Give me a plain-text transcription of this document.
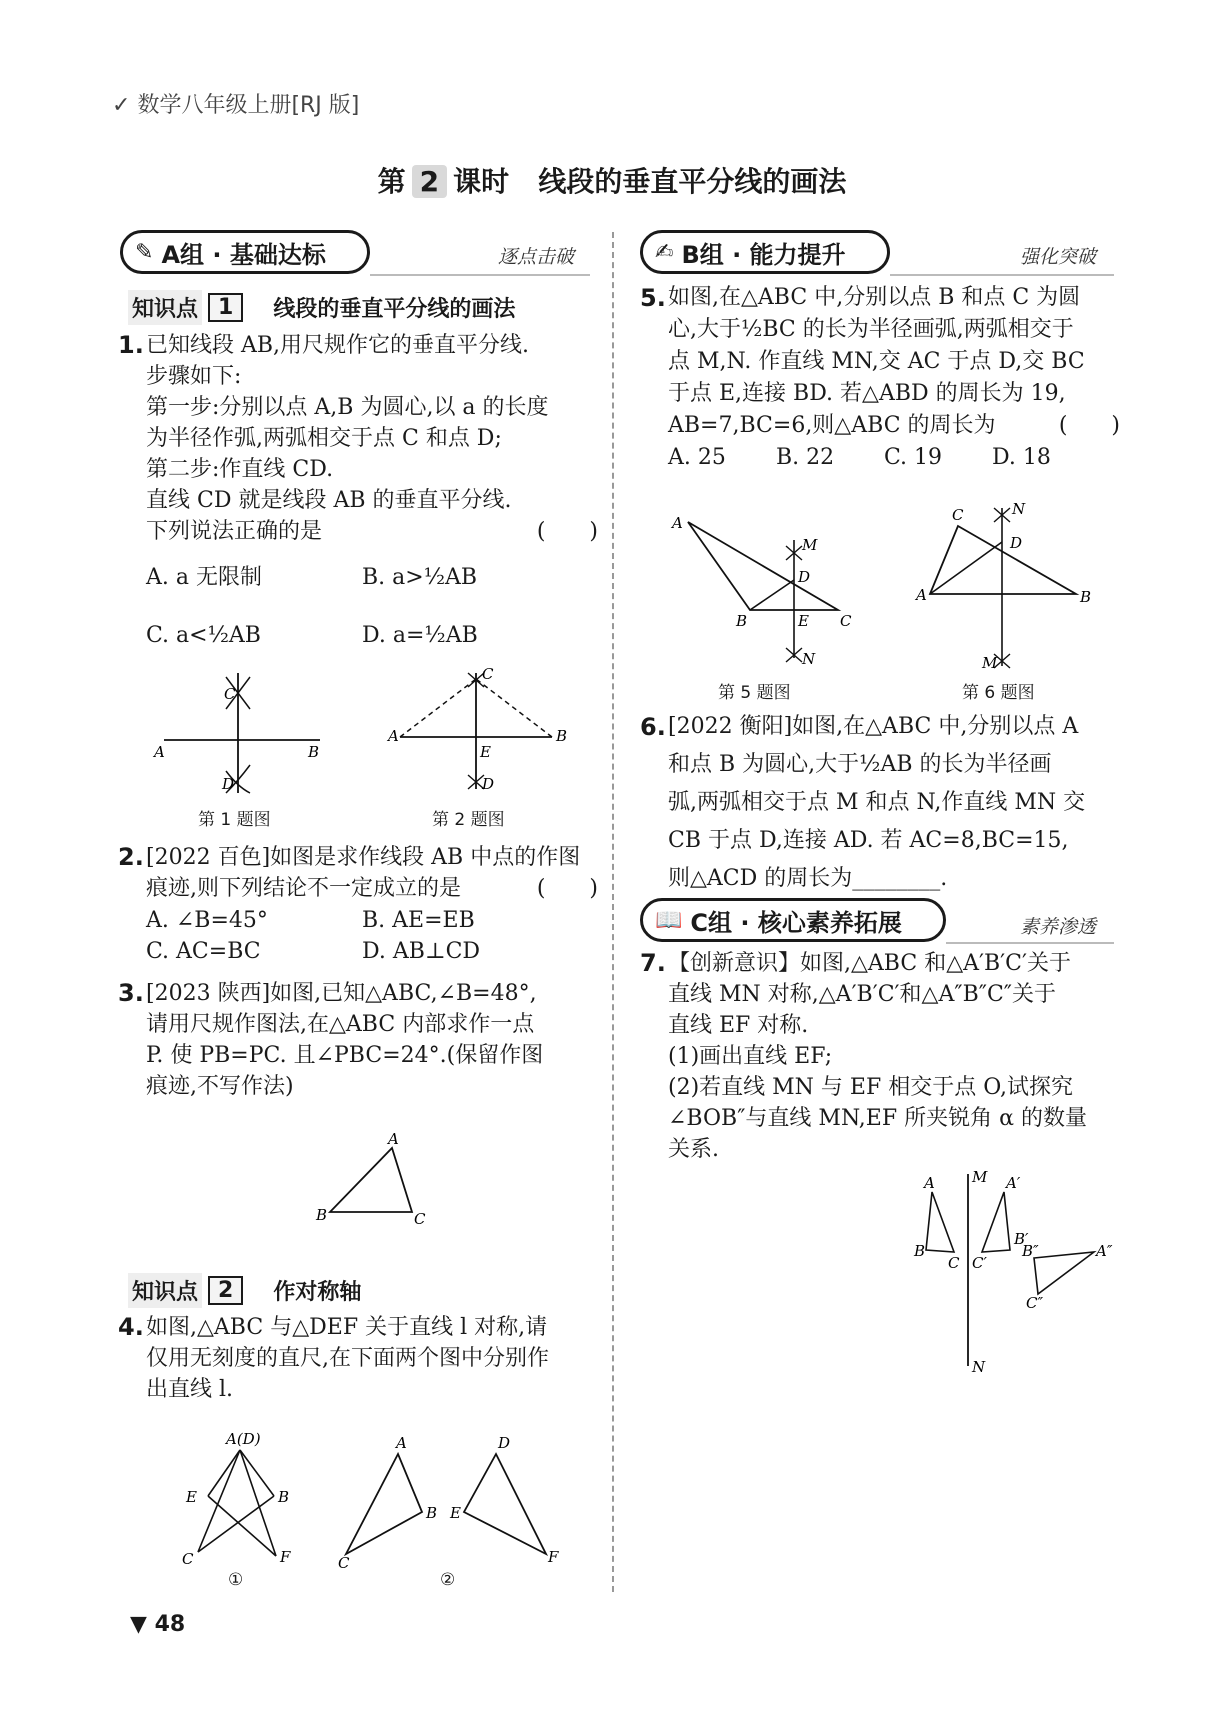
✓ 数学八年级上册[RJ 版]
第 2 课时 线段的垂直平分线的画法
✎ A组 · 基础达标	逐点击破
知识点 1	线段的垂直平分线的画法
1. 已知线段 AB,用尺规作它的垂直平分线.
步骤如下:
第一步:分别以点 A,B 为圆心,以 a 的长度
为半径作弧,两弧相交于点 C 和点 D;
第二步:作直线 CD.
直线 CD 就是线段 AB 的垂直平分线.
下列说法正确的是	(　　)
A. a 无限制	B. a>½AB
C. a<½AB	D. a=½AB
C
A	B
D
第 1 题图
C
A	B
E
D
第 2 题图
2. [2022 百色]如图是求作线段 AB 中点的作图
痕迹,则下列结论不一定成立的是	(　　)
A. ∠B=45°	B. AE=EB
C. AC=BC	D. AB⊥CD
3. [2023 陕西]如图,已知△ABC,∠B=48°,
请用尺规作图法,在△ABC 内部求作一点
P. 使 PB=PC. 且∠PBC=24°.(保留作图
痕迹,不写作法)
A
B	C
知识点 2	作对称轴
4. 如图,△ABC 与△DEF 关于直线 l 对称,请
仅用无刻度的直尺,在下面两个图中分别作
出直线 l.
A(D)
E	B
C	F
①
A
C
B
D
E
F
②
✍ B组 · 能力提升	强化突破
5. 如图,在△ABC 中,分别以点 B 和点 C 为圆
心,大于½BC 的长为半径画弧,两弧相交于
点 M,N. 作直线 MN,交 AC 于点 D,交 BC
于点 E,连接 BD. 若△ABD 的周长为 19,
AB=7,BC=6,则△ABC 的周长为	(　　)
A. 25	B. 22	C. 19	D. 18
A
M
D
B	E C
N
第 5 题图
C	N
D
A	B
M
第 6 题图
6. [2022 衡阳]如图,在△ABC 中,分别以点 A
和点 B 为圆心,大于½AB 的长为半径画
弧,两弧相交于点 M 和点 N,作直线 MN 交
CB 于点 D,连接 AD. 若 AC=8,BC=15,
则△ACD 的周长为________.
📖 C组 · 核心素养拓展	素养渗透
7. 【创新意识】如图,△ABC 和△A′B′C′关于
直线 MN 对称,△A′B′C′和△A″B″C″关于
直线 EF 对称.
(1)画出直线 EF;
(2)若直线 MN 与 EF 相交于点 O,试探究
∠BOB″与直线 MN,EF 所夹锐角 α 的数量
关系.
M
N
A
B
C
A′
B′
C′
B″	A″
C″
▼ 48
